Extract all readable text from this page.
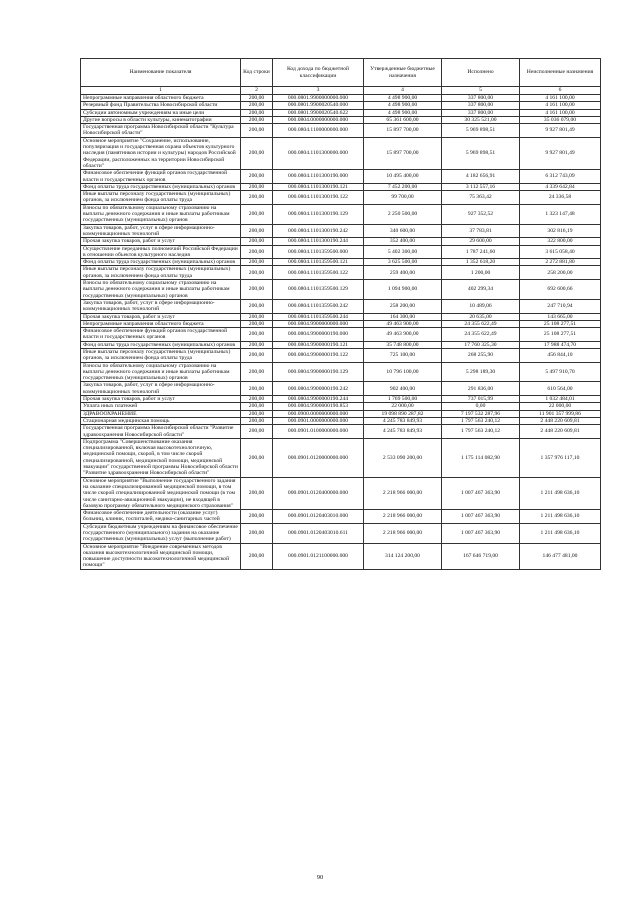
Наименование показателя	Код строки	Код дохода по бюджетной классификации	Утвержденные бюджетные назначения	Исполнено	Неисполненные назначения
1	2	3	4	5	6
Непрограммные направления областного бюджета	200,00	000.0801.9900000000.000	4 498 900,00	337 800,00	4 161 100,00
Резервный фонд Правительства Новосибирской области	200,00	000.0801.9900020540.000	4 498 900,00	337 800,00	4 161 100,00
Субсидии автономным учреждениям на иные цели	200,00	000.0801.9900020540.622	4 498 900,00	337 800,00	4 161 100,00
Другие вопросы в области культуры, кинематографии	200,00	000.0804.0000000000.000	65 361 600,00	30 325 521,00	35 036 079,00
Государственная программа Новосибирской области "Культура Новосибирской области"	200,00	000.0804.1100000000.000	15 897 700,00	5 969 898,51	9 927 801,49
Основное мероприятие "Сохранение, использование, популяризация и государственная охрана объектов культурного наследия (памятников истории и культуры) народов Российской Федерации, расположенных на территории Новосибирской области"	200,00	000.0804.1101300000.000	15 897 700,00	5 969 898,51	9 927 801,49
Финансовое обеспечение функций органов государственной власти и государственных органов	200,00	000.0804.1101300190.000	10 495 400,00	4 182 656,91	6 312 743,09
Фонд оплаты труда государственных (муниципальных) органов	200,00	000.0804.1101300190.121	7 452 200,00	3 112 557,16	4 339 642,84
Иные выплаты персоналу государственных (муниципальных) органов, за исключением фонда оплаты труда	200,00	000.0804.1101300190.122	99 700,00	75 363,42	24 336,58
Взносы по обязательному социальному страхованию на выплаты денежного содержания и иные выплаты работникам государственных (муниципальных) органов	200,00	000.0804.1101300190.129	2 250 500,00	927 352,52	1 323 147,48
Закупка товаров, работ, услуг в сфере информационно-коммуникационных технологий	200,00	000.0804.1101300190.242	340 600,00	37 783,81	302 816,19
Прочая закупка товаров, работ и услуг	200,00	000.0804.1101300190.244	352 400,00	29 600,00	322 800,00
Осуществление переданных полномочий Российской Федерации в отношении объектов культурного наследия	200,00	000.0804.1101359500.000	5 402 300,00	1 787 241,60	3 615 058,40
Фонд оплаты труда государственных (муниципальных) органов	200,00	000.0804.1101359500.121	3 625 500,00	1 352 618,20	2 272 881,80
Иные выплаты персоналу государственных (муниципальных) органов, за исключением фонда оплаты труда	200,00	000.0804.1101359500.122	259 400,00	1 200,00	258 200,00
Взносы по обязательному социальному страхованию на выплаты денежного содержания и иные выплаты работникам государственных (муниципальных) органов	200,00	000.0804.1101359500.129	1 094 900,00	402 299,34	692 600,66
Закупка товаров, работ, услуг в сфере информационно-коммуникационных технологий	200,00	000.0804.1101359500.242	258 200,00	10 489,06	247 710,94
Прочая закупка товаров, работ и услуг	200,00	000.0804.1101359500.244	164 300,00	20 635,00	143 665,00
Непрограммные направления областного бюджета	200,00	000.0804.9900000000.000	49 463 900,00	24 355 622,49	25 108 277,51
Финансовое обеспечение функций органов государственной власти и государственных органов	200,00	000.0804.9900000190.000	49 463 900,00	24 355 622,49	25 108 277,51
Фонд оплаты труда государственных (муниципальных) органов	200,00	000.0804.9900000190.121	35 748 800,00	17 760 325,30	17 988 474,70
Иные выплаты персоналу государственных (муниципальных) органов, за исключением фонда оплаты труда	200,00	000.0804.9900000190.122	725 100,00	268 255,90	456 844,10
Взносы по обязательному социальному страхованию на выплаты денежного содержания и иные выплаты работникам государственных (муниципальных) органов	200,00	000.0804.9900000190.129	10 796 100,00	5 298 189,30	5 497 910,70
Закупка товаров, работ, услуг в сфере информационно-коммуникационных технологий	200,00	000.0804.9900000190.242	902 400,00	291 836,00	610 564,00
Прочая закупка товаров, работ и услуг	200,00	000.0804.9900000190.244	1 769 500,00	737 015,99	1 032 484,01
Уплата иных платежей	200,00	000.0804.9900000190.853	22 000,00	0,00	22 000,00
ЗДРАВООХРАНЕНИЕ	200,00	000.0900.0000000000.000	19 098 890 287,82	7 197 532 287,96	11 901 357 999,86
Стационарная медицинская помощь	200,00	000.0901.0000000000.000	4 245 783 849,93	1 797 563 240,12	2 448 220 609,81
Государственная программа Новосибирской области "Развитие здравоохранения Новосибирской области"	200,00	000.0901.0100000000.000	4 245 783 849,93	1 797 563 240,12	2 448 220 609,81
Подпрограмма "Совершенствование оказания специализированной, включая высокотехнологичную, медицинской помощи, скорой, в том числе скорой специализированной, медицинской помощи, медицинской эвакуации" государственной программы Новосибирской области "Развитие здравоохранения Новосибирской области"	200,00	000.0901.0120000000.000	2 533 090 200,00	1 175 114 082,90	1 357 976 117,10
Основное мероприятие "Выполнение государственного задания на оказание специализированной медицинской помощи, в том числе скорой специализированной медицинской помощи (в том числе санитарно-авиационной эвакуации), не входящей в базовую программу обязательного медицинского страхования"	200,00	000.0901.0120400000.000	2 218 966 000,00	1 007 467 363,90	1 211 498 636,10
Финансовое обеспечение деятельности (оказание услуг) больниц, клиник, госпиталей, медико-санитарных частей	200,00	000.0901.0120403010.000	2 218 966 000,00	1 007 467 363,90	1 211 498 636,10
Субсидии бюджетным учреждениям на финансовое обеспечение государственного (муниципального) задания на оказание государственных (муниципальных) услуг (выполнение работ)	200,00	000.0901.0120403010.611	2 218 966 000,00	1 007 467 363,90	1 211 498 636,10
Основное мероприятие "Внедрение современных методов оказания высокотехнологичной медицинской помощи, повышение доступности высокотехнологичной медицинской помощи"	200,00	000.0901.0121100000.000	314 124 200,00	167 646 719,00	146 477 481,00
90
